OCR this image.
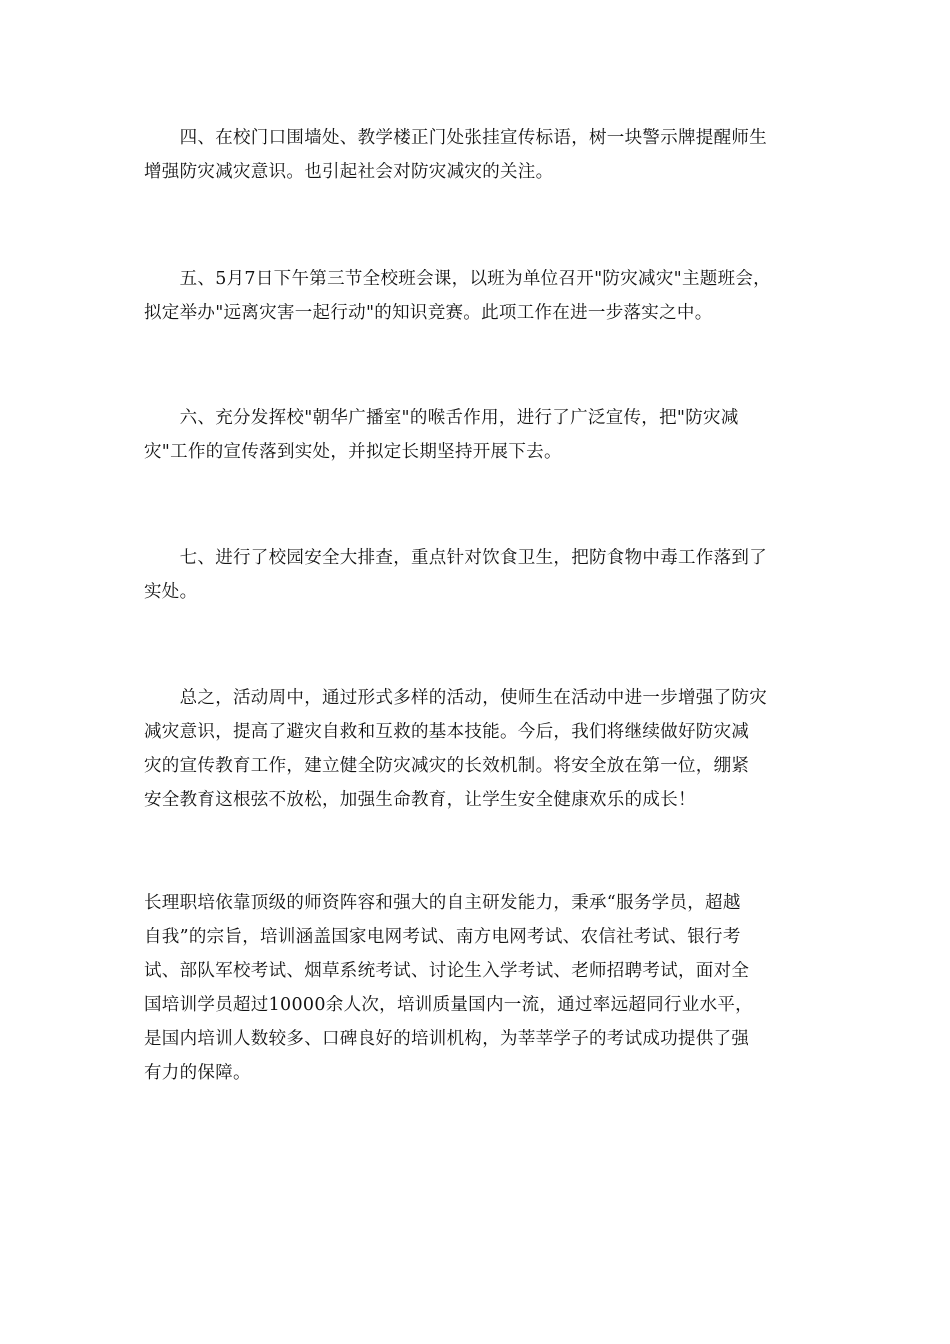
　　四、在校门口围墙处、教学楼正门处张挂宣传标语，树一块警示牌提醒师生
增强防灾减灾意识。也引起社会对防灾减灾的关注。
　　五、5月7日下午第三节全校班会课，以班为单位召开"防灾减灾"主题班会，
拟定举办"远离灾害一起行动"的知识竞赛。此项工作在进一步落实之中。
　　六、充分发挥校"朝华广播室"的喉舌作用，进行了广泛宣传，把"防灾减
灾"工作的宣传落到实处，并拟定长期坚持开展下去。
　　七、进行了校园安全大排查，重点针对饮食卫生，把防食物中毒工作落到了
实处。
　　总之，活动周中，通过形式多样的活动，使师生在活动中进一步增强了防灾
减灾意识，提高了避灾自救和互救的基本技能。今后，我们将继续做好防灾减
灾的宣传教育工作，建立健全防灾减灾的长效机制。将安全放在第一位，绷紧
安全教育这根弦不放松，加强生命教育，让学生安全健康欢乐的成长！
长理职培依靠顶级的师资阵容和强大的自主研发能力，秉承“服务学员，超越
自我”的宗旨，培训涵盖国家电网考试、南方电网考试、农信社考试、银行考
试、部队军校考试、烟草系统考试、讨论生入学考试、老师招聘考试，面对全
国培训学员超过10000余人次，培训质量国内一流，通过率远超同行业水平，
是国内培训人数较多、口碑良好的培训机构，为莘莘学子的考试成功提供了强
有力的保障。
